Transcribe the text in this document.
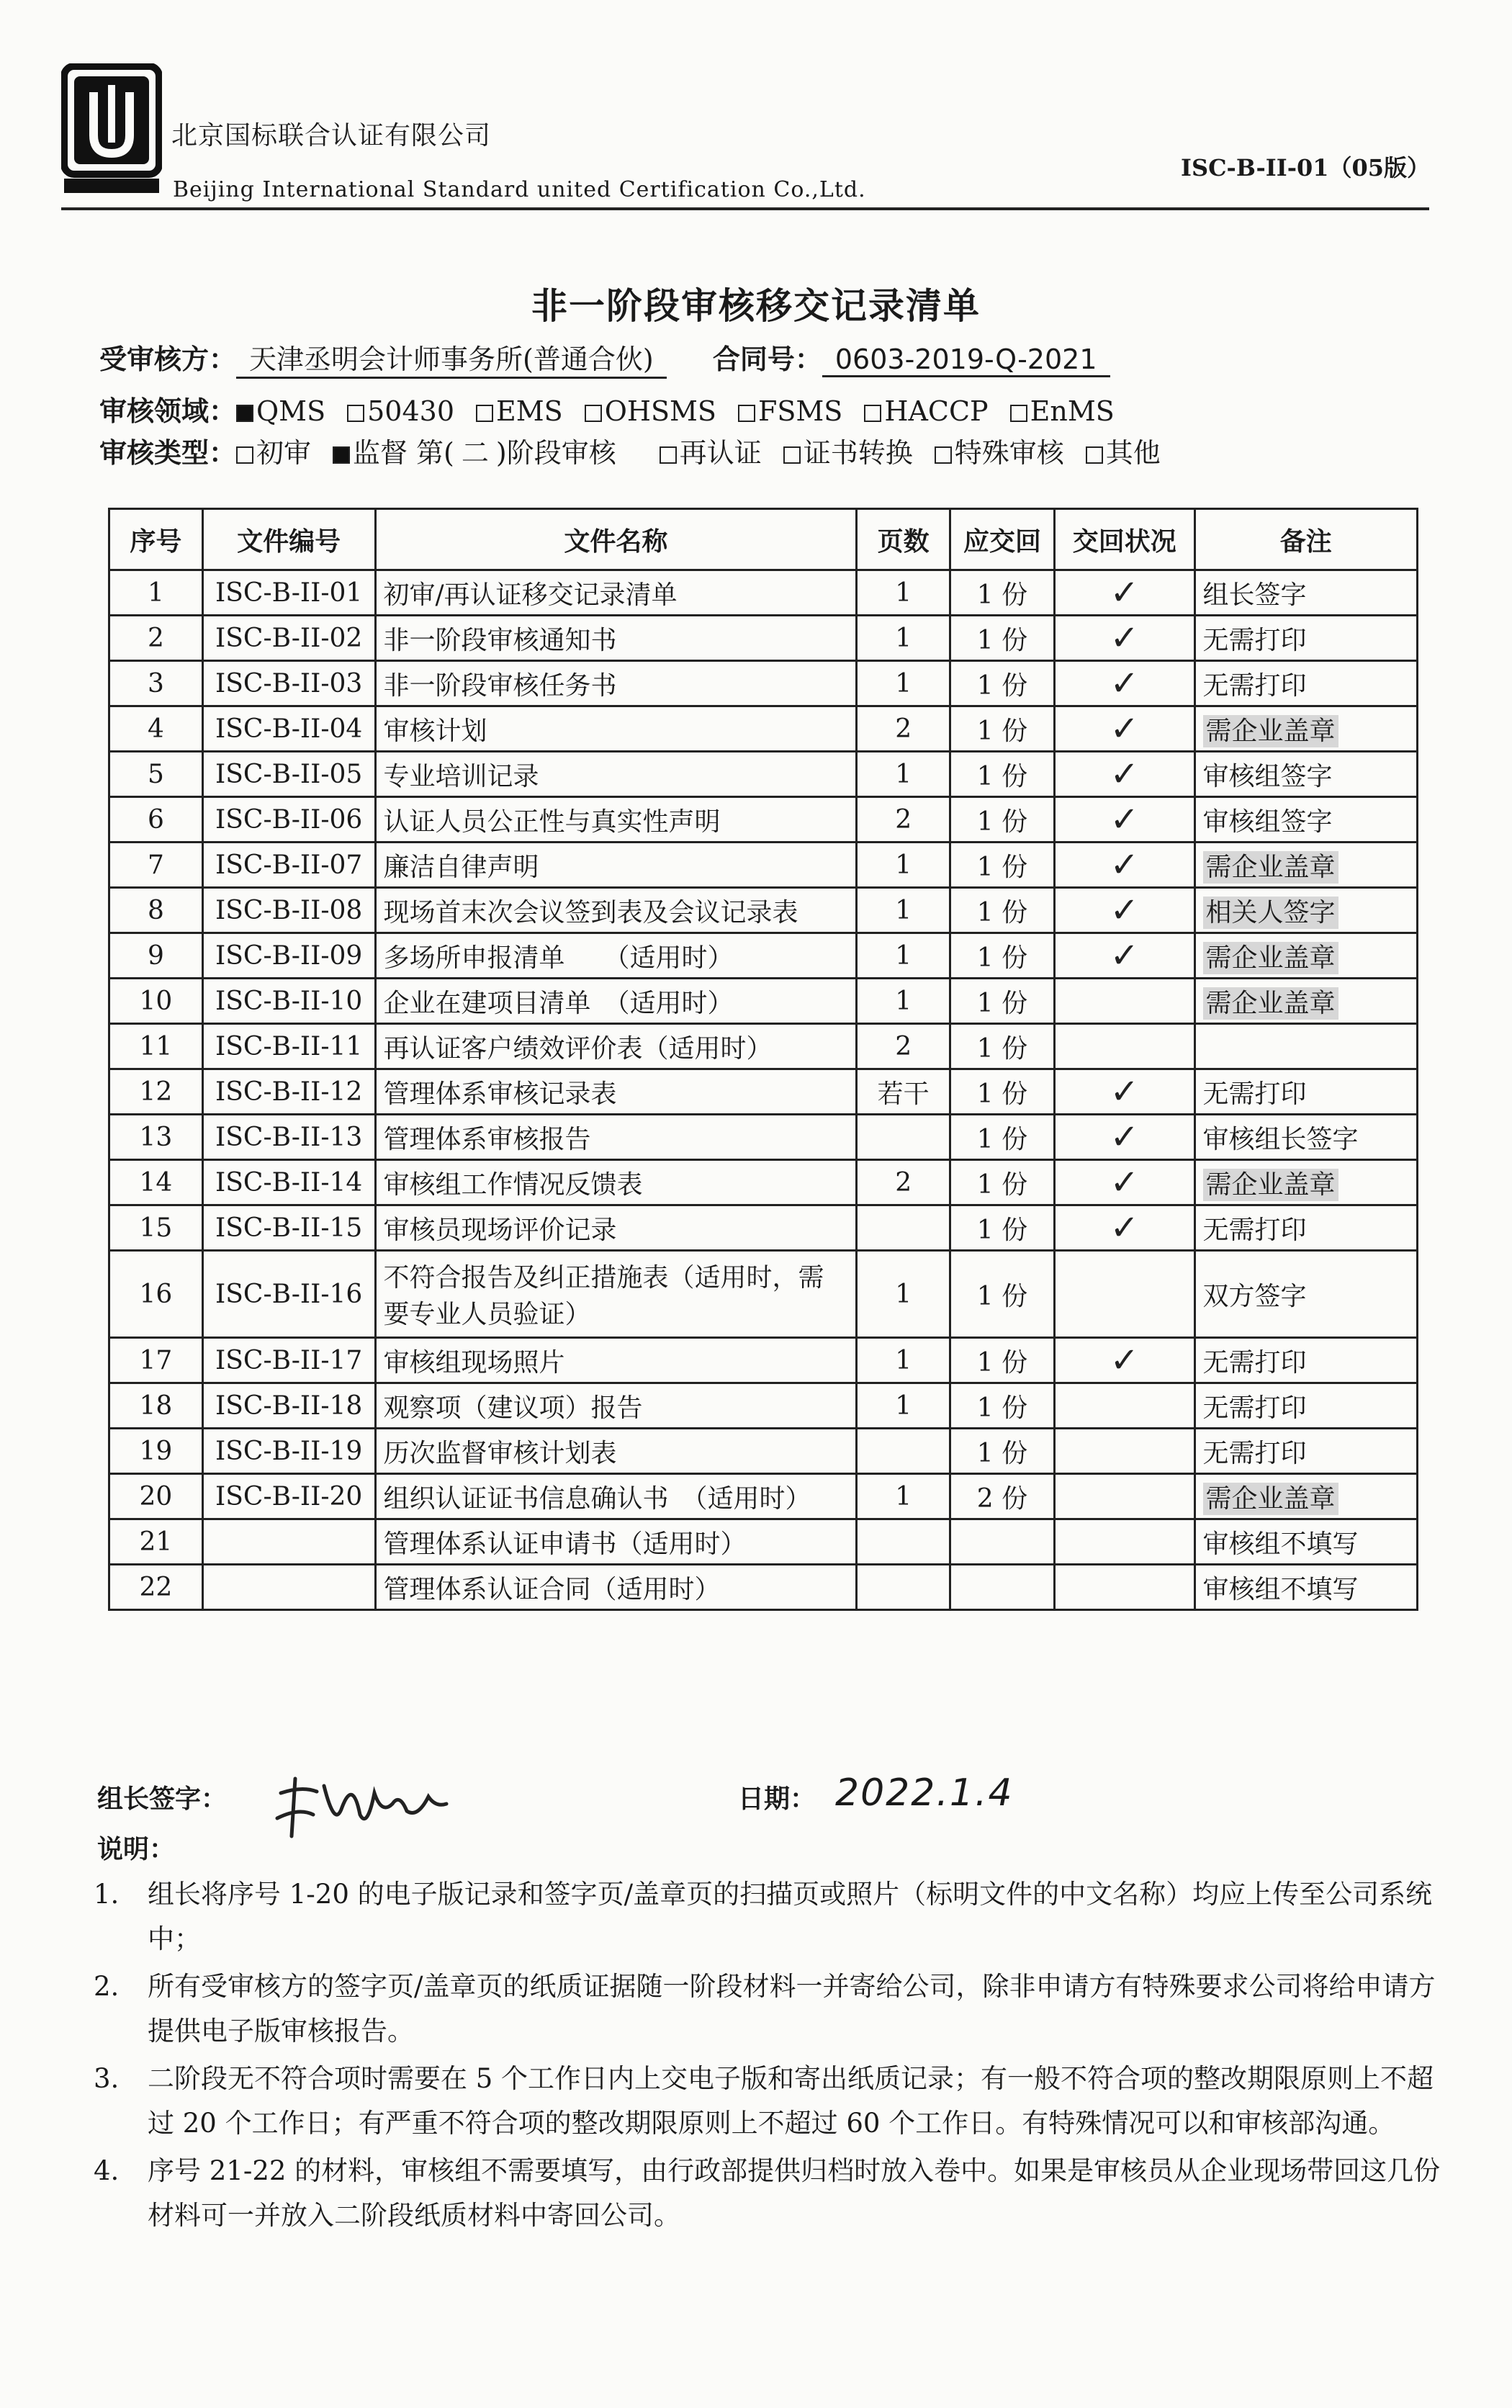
北京国标联合认证有限公司
Beijing International Standard united Certification Co.,Ltd.
ISC-B-II-01（05版）
非一阶段审核移交记录清单
受审核方： 天津丞明会计师事务所(普通合伙) 合同号： 0603-2019-Q-2021
审核领域： QMS 50430 EMS OHSMS FSMS HACCP EnMS
审核类型： 初审 监督 第( 二 )阶段审核 再认证 证书转换 特殊审核 其他
序号	文件编号	文件名称	页数	应交回	交回状况	备注
1	ISC-B-II-01	初审/再认证移交记录清单	1	1 份	✓	组长签字
2	ISC-B-II-02	非一阶段审核通知书	1	1 份	✓	无需打印
3	ISC-B-II-03	非一阶段审核任务书	1	1 份	✓	无需打印
4	ISC-B-II-04	审核计划	2	1 份	✓	需企业盖章
5	ISC-B-II-05	专业培训记录	1	1 份	✓	审核组签字
6	ISC-B-II-06	认证人员公正性与真实性声明	2	1 份	✓	审核组签字
7	ISC-B-II-07	廉洁自律声明	1	1 份	✓	需企业盖章
8	ISC-B-II-08	现场首末次会议签到表及会议记录表	1	1 份	✓	相关人签字
9	ISC-B-II-09	多场所申报清单　　（适用时）	1	1 份	✓	需企业盖章
10	ISC-B-II-10	企业在建项目清单　（适用时）	1	1 份		需企业盖章
11	ISC-B-II-11	再认证客户绩效评价表（适用时）	2	1 份		
12	ISC-B-II-12	管理体系审核记录表	若干	1 份	✓	无需打印
13	ISC-B-II-13	管理体系审核报告		1 份	✓	审核组长签字
14	ISC-B-II-14	审核组工作情况反馈表	2	1 份	✓	需企业盖章
15	ISC-B-II-15	审核员现场评价记录		1 份	✓	无需打印
16	ISC-B-II-16	不符合报告及纠正措施表（适用时，需要专业人员验证）	1	1 份		双方签字
17	ISC-B-II-17	审核组现场照片	1	1 份	✓	无需打印
18	ISC-B-II-18	观察项（建议项）报告	1	1 份		无需打印
19	ISC-B-II-19	历次监督审核计划表		1 份		无需打印
20	ISC-B-II-20	组织认证证书信息确认书　（适用时）	1	2 份		需企业盖章
21		管理体系认证申请书（适用时）				审核组不填写
22		管理体系认证合同（适用时）				审核组不填写
组长签字：	日期： 2022.1.4
说明：
1.	组长将序号 1-20 的电子版记录和签字页/盖章页的扫描页或照片（标明文件的中文名称）均应上传至公司系统中；
2.	所有受审核方的签字页/盖章页的纸质证据随一阶段材料一并寄给公司，除非申请方有特殊要求公司将给申请方提供电子版审核报告。
3.	二阶段无不符合项时需要在 5 个工作日内上交电子版和寄出纸质记录；有一般不符合项的整改期限原则上不超过 20 个工作日；有严重不符合项的整改期限原则上不超过 60 个工作日。有特殊情况可以和审核部沟通。
4.	序号 21-22 的材料，审核组不需要填写，由行政部提供归档时放入卷中。如果是审核员从企业现场带回这几份材料可一并放入二阶段纸质材料中寄回公司。
